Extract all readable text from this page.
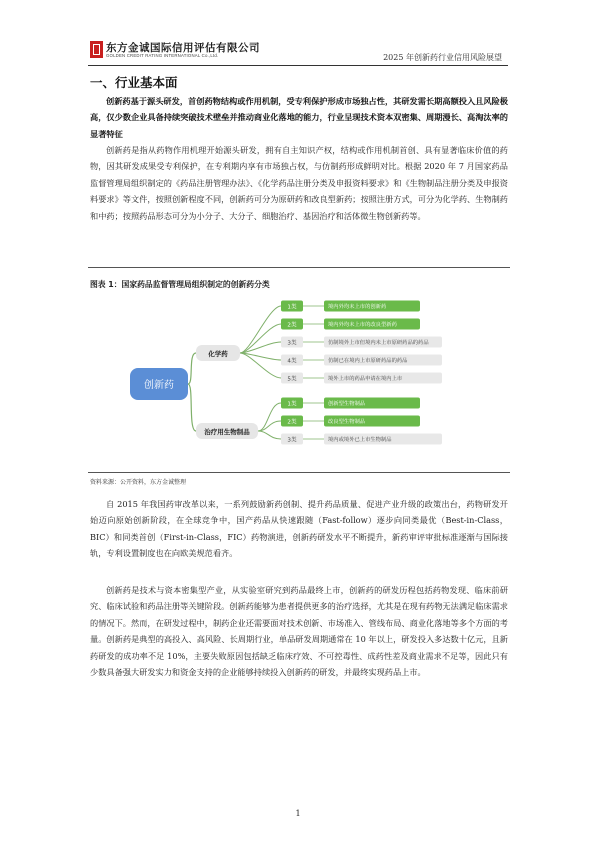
东方金诚国际信用评估有限公司
GOLDEN CREDIT RATING INTERNATIONAL Co.,Ltd.	2025 年创新药行业信用风险展望
一、行业基本面
创新药基于源头研发，首创药物结构或作用机制，受专利保护形成市场独占性，其研发需长期高额投入且风险极高，仅少数企业具备持续突破技术壁垒并推动商业化落地的能力，行业呈现技术资本双密集、周期漫长、高淘汰率的显著特征
创新药是指从药物作用机理开始源头研发，拥有自主知识产权，结构或作用机制首创、具有显著临床价值的药物，因其研发成果受专利保护，在专利期内享有市场独占权，与仿制药形成鲜明对比。根据 2020 年 7 月国家药品监督管理局组织制定的《药品注册管理办法》、《化学药品注册分类及申报资料要求》和《生物制品注册分类及申报资料要求》等文件，按照创新程度不同，创新药可分为原研药和改良型新药；按照注册方式，可分为化学药、生物制药和中药；按照药品形态可分为小分子、大分子、细胞治疗、基因治疗和活体微生物创新药等。
图表 1：国家药品监督管理局组织制定的创新药分类
创新药
化学药
1类	境内外均未上市的创新药
2类	境内外均未上市的改良型新药
3类	仿制境外上市但境内未上市原研药品的药品
4类	仿制已在境内上市原研药品的药品
5类	境外上市的药品申请在境内上市
治疗用生物制品
1类	创新型生物制品
2类	改良型生物制品
3类	境内或境外已上市生物制品
资料来源：公开资料，东方金诚整理
自 2015 年我国药审改革以来，一系列鼓励新药创制、提升药品质量、促进产业升级的政策出台，药物研发开始迈向原始创新阶段，在全球竞争中，国产药品从快速跟随（Fast-follow）逐步向同类最优（Best-in-Class，BIC）和同类首创（First-in-Class，FIC）药物演进，创新药研发水平不断提升，新药审评审批标准逐渐与国际接轨，专利设置制度也在向欧美规范看齐。
创新药是技术与资本密集型产业，从实验室研究到药品最终上市，创新药的研发历程包括药物发现、临床前研究、临床试验和药品注册等关键阶段。创新药能够为患者提供更多的治疗选择，尤其是在现有药物无法满足临床需求的情况下。然而，在研发过程中，制药企业还需要面对技术创新、市场准入、管线布局、商业化落地等多个方面的考量。创新药是典型的高投入、高风险、长周期行业，单品研发周期通常在 10 年以上，研发投入多达数十亿元，且新药研发的成功率不足 10%，主要失败原因包括缺乏临床疗效、不可控毒性、成药性差及商业需求不足等，因此只有少数具备强大研发实力和资金支持的企业能够持续投入创新药的研发，并最终实现药品上市。
1
